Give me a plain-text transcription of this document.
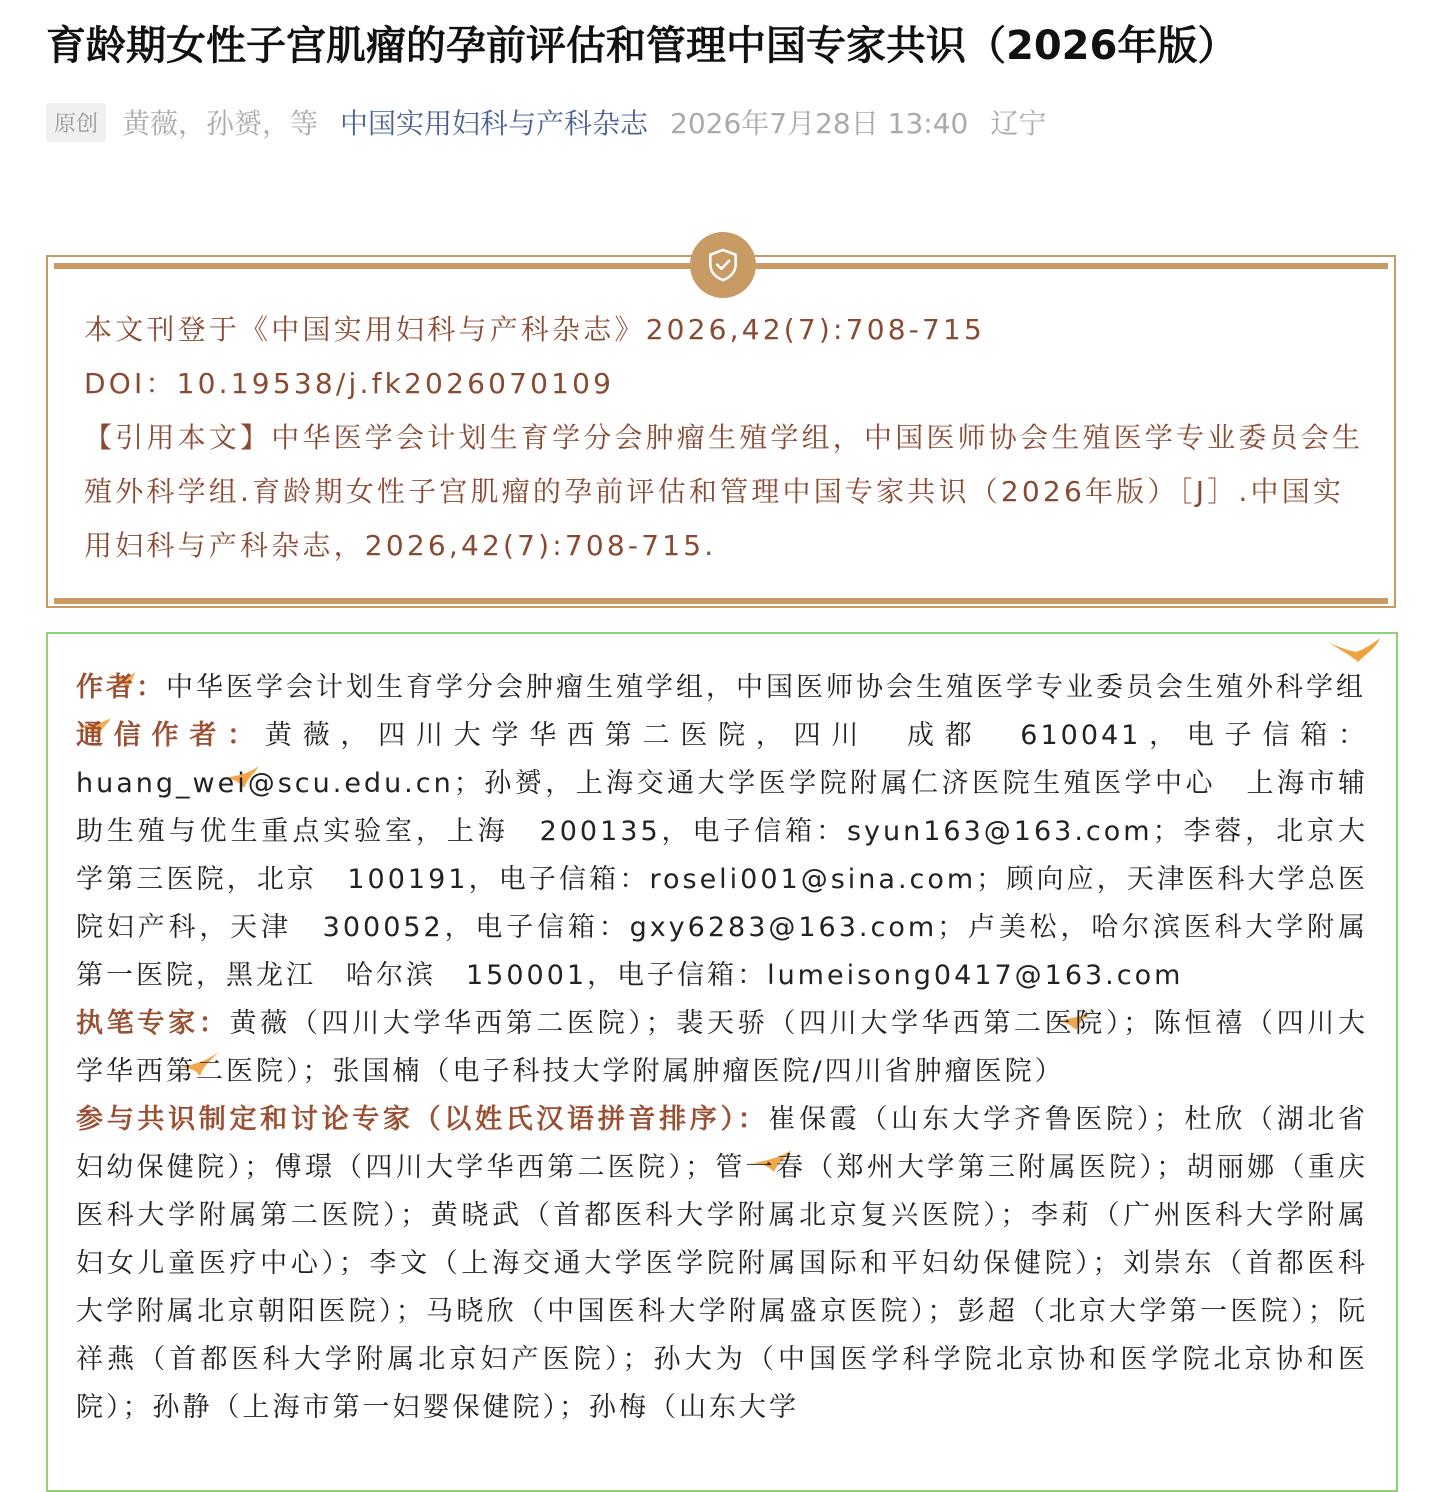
育龄期女性子宫肌瘤的孕前评估和管理中国专家共识（2026年版）
原创 黄薇，孙赟，等 中国实用妇科与产科杂志 2026年7月28日 13:40 辽宁

本文刊登于《中国实用妇科与产科杂志》2026,42(7):708-715

DOI：10.19538/j.fk2026070109

【引用本文】中华医学会计划生育学分会肿瘤生殖学组，中国医师协会生殖医学专业委员会生殖外科学组.育龄期女性子宫肌瘤的孕前评估和管理中国专家共识（2026年版）［J］.中国实用妇科与产科杂志，2026,42(7):708-715.

作者：中华医学会计划生育学分会肿瘤生殖学组，中国医师协会生殖医学专业委员会生殖外科学组

通信作者：黄薇，四川大学华西第二医院，四川　成都　610041，电子信箱：huang_wei@scu.edu.cn；孙赟，上海交通大学医学院附属仁济医院生殖医学中心　上海市辅助生殖与优生重点实验室，上海　200135，电子信箱：syun163@163.com；李蓉，北京大学第三医院，北京　100191，电子信箱：roseli001@sina.com；顾向应，天津医科大学总医院妇产科，天津　300052，电子信箱：gxy6283@163.com；卢美松，哈尔滨医科大学附属第一医院，黑龙江　哈尔滨　150001，电子信箱：lumeisong0417@163.com

执笔专家：黄薇（四川大学华西第二医院）；裴天骄（四川大学华西第二医院）；陈恒禧（四川大学华西第二医院）；张国楠（电子科技大学附属肿瘤医院/四川省肿瘤医院）

参与共识制定和讨论专家（以姓氏汉语拼音排序）：崔保霞（山东大学齐鲁医院）；杜欣（湖北省妇幼保健院）；傅璟（四川大学华西第二医院）；管一春（郑州大学第三附属医院）；胡丽娜（重庆医科大学附属第二医院）；黄晓武（首都医科大学附属北京复兴医院）；李莉（广州医科大学附属妇女儿童医疗中心）；李文（上海交通大学医学院附属国际和平妇幼保健院）；刘崇东（首都医科大学附属北京朝阳医院）；马晓欣（中国医科大学附属盛京医院）；彭超（北京大学第一医院）；阮祥燕（首都医科大学附属北京妇产医院）；孙大为（中国医学科学院北京协和医学院北京协和医院）；孙静（上海市第一妇婴保健院）；孙梅（山东大学
